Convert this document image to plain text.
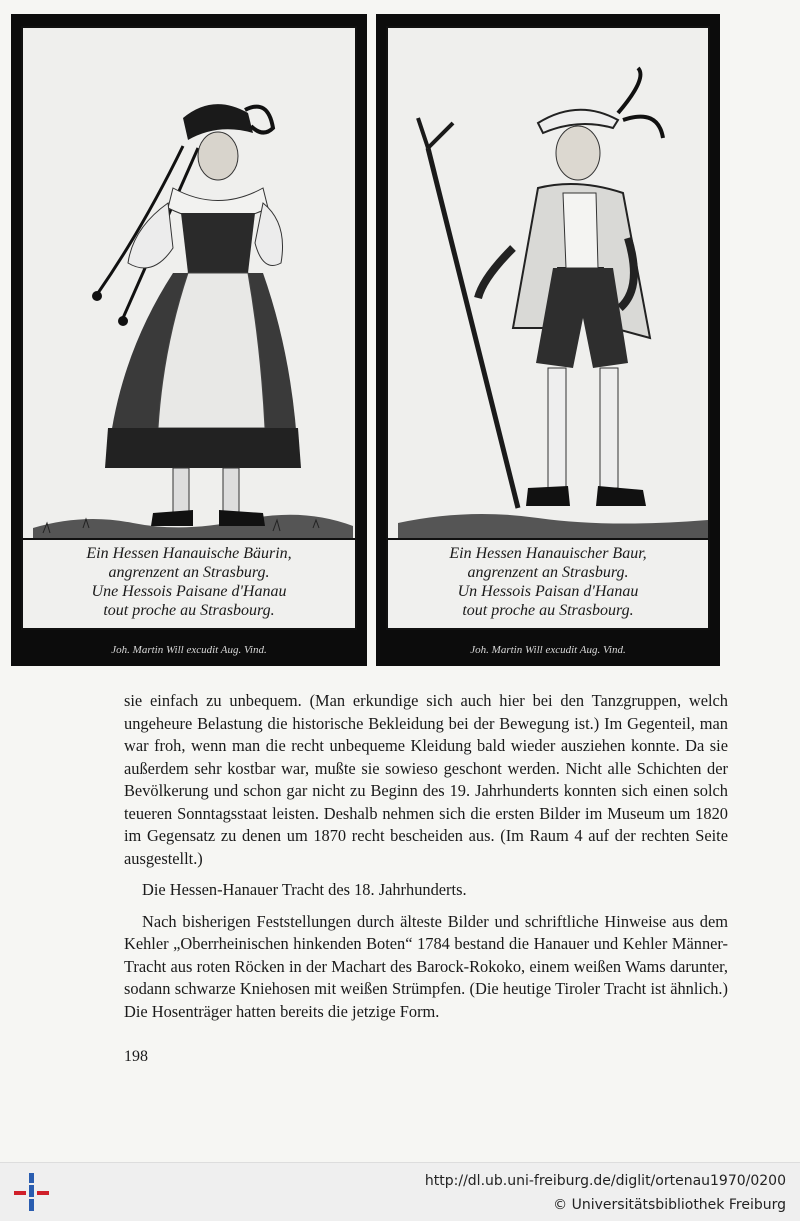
Ein Hessen Hanauische Bäurin,
angrenzent an Strasburg.
Une Hessois Paisane d'Hanau
tout proche au Strasbourg.
Joh. Martin Will excudit Aug. Vind.
Ein Hessen Hanauischer Baur,
angrenzent an Strasburg.
Un Hessois Paisan d'Hanau
tout proche au Strasbourg.
Joh. Martin Will excudit Aug. Vind.

sie einfach zu unbequem. (Man erkundige sich auch hier bei den Tanzgruppen, welch ungeheure Belastung die historische Bekleidung bei der Bewegung ist.) Im Gegenteil, man war froh, wenn man die recht unbequeme Kleidung bald wieder ausziehen konnte. Da sie außerdem sehr kostbar war, mußte sie sowieso geschont werden. Nicht alle Schichten der Bevölkerung und schon gar nicht zu Beginn des 19. Jahrhunderts konnten sich einen solch teueren Sonntagsstaat leisten. Deshalb nehmen sich die ersten Bilder im Museum um 1820 im Gegensatz zu denen um 1870 recht bescheiden aus. (Im Raum 4 auf der rechten Seite ausgestellt.)

Die Hessen-Hanauer Tracht des 18. Jahrhunderts.

Nach bisherigen Feststellungen durch älteste Bilder und schriftliche Hinweise aus dem Kehler „Oberrheinischen hinkenden Boten“ 1784 bestand die Hanauer und Kehler Männer-Tracht aus roten Röcken in der Machart des Barock-Rokoko, einem weißen Wams darunter, sodann schwarze Kniehosen mit weißen Strümpfen. (Die heutige Tiroler Tracht ist ähnlich.) Die Hosenträger hatten bereits die jetzige Form.

198
http://dl.ub.uni-freiburg.de/diglit/ortenau1970/0200
© Universitätsbibliothek Freiburg
